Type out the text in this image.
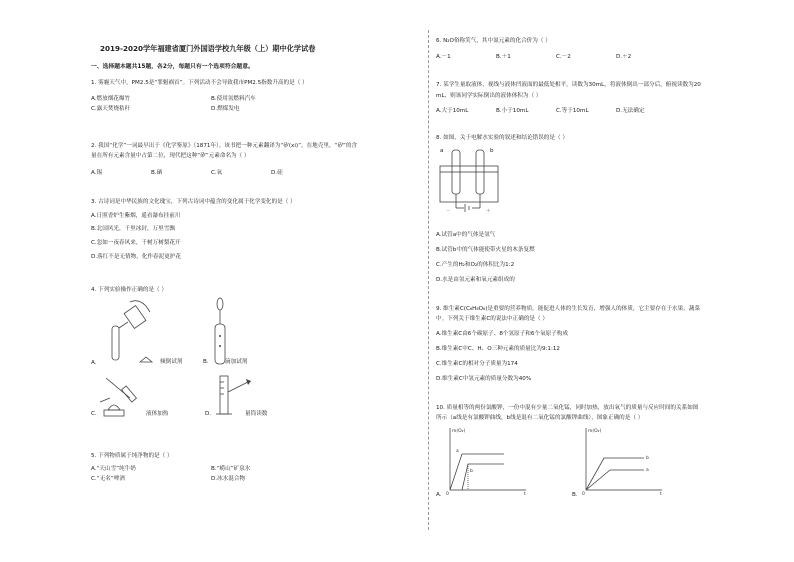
2019-2020学年福建省厦门外国语学校九年级（上）期中化学试卷
一、选择题本题共15题，各2分，每题只有一个选项符合题意。
1. 雾霾天气中，PM2.5是“罪魁祸首”。下列活动不会导致我市PM2.5指数升高的是（ ）
A.燃放烟花爆竹	B.使用氢燃料汽车
C.露天焚烧秸秆	D.燃煤发电
2. 我国“化学”一词最早出于《化学鉴原》（1871年）。该书把一种元素翻译为“矽(xi)”。在地壳里，“矽”的含
量在所有元素含量中占第二位，现代把这种“矽”元素命名为（ ）
A.锡	B.硒	C.氧	D.硅
3. 古诗词是中华民族的文化瑰宝，下列古诗词中蕴含的变化属于化学变化的是（ ）
A.日照香炉生紫烟，遥看瀑布挂前川
B.北国风光，千里冰封，万里雪飘
C.忽如一夜春风来，千树万树梨花开
D.落红不是无情物，化作春泥更护花
4. 下列实验操作正确的是（ ）
A.	倾倒试剂	B.	滴加试剂
C.	液体加热	D.	量筒读数
5. 下列物质属于纯净物的是（ ）
A.“天山雪”纯牛奶	B.“崂山”矿泉水
C.“无名”啤酒	D.冰水混合物
6. N₂O俗称笑气，其中氮元素的化合价为（ ）
A.－1	B.＋1	C.－2	D.＋2
7. 某学生量取液体，视线与液体凹液面的最低处相平，读数为30mL，将液体倒出一部分后，俯视读数为20
mL，则该同学实际倒出的液体体积为（ ）
A.大于10mL	B.小于10mL	C.等于10mL	D.无法确定
8. 如图，关于电解水实验的叙述和结论错误的是（ ）
－	＋
a	b
A.试管a中的气体是氢气
B.试管b中的气体能使带火星的木条复燃
C.产生的H₂和O₂的体积比为1:2
D.水是由氢元素和氧元素组成的
9. 维生素C(C₆H₈O₆)是重要的营养物质，能促进人体的生长发育，增强人的体质，它主要存在于水果、蔬菜
中。下列关于维生素C的说法中正确的是（ ）
A.维生素C由6个碳原子、8个氢原子和6个氧原子构成
B.维生素C中C、H、O三种元素的质量比为9:1:12
C.维生素C的相对分子质量为174
D.维生素C中氢元素的质量分数为40%
10. 质量相等的两份氯酸钾，一份中混有少量二氧化锰，同时加热，放出氧气的质量与反应时间的关系如图
所示（a线是有氯酸钾曲线，b线是混有二氧化锰的氯酸钾曲线），图象正确的是（ ）
m(O₂)
t
0
a
b
A.
m(O₂)
t
0
b
a
B.
